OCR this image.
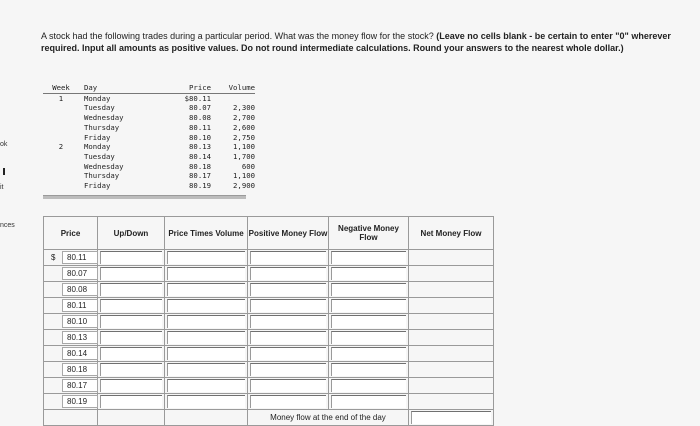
ok
it
nces
A stock had the following trades during a particular period. What was the money flow for the stock? (Leave no cells blank - be certain to enter "0" wherever required. Input all amounts as positive values. Do not round intermediate calculations. Round your answers to the nearest whole dollar.)
Week	Day	Price	Volume
1	Monday	$80.11	
	Tuesday	80.07	2,300
	Wednesday	80.08	2,700
	Thursday	80.11	2,600
	Friday	80.10	2,750
2	Monday	80.13	1,100
	Tuesday	80.14	1,700
	Wednesday	80.18	600
	Thursday	80.17	1,100
	Friday	80.19	2,900
Price	Up/Down	Price Times Volume	Positive Money Flow	Negative Money Flow	Net Money Flow
$ 80.11	

80.07	

80.08	

80.11	

80.10	

80.13	

80.14	

80.18	

80.17	

80.19	

			Money flow at the end of the day		
